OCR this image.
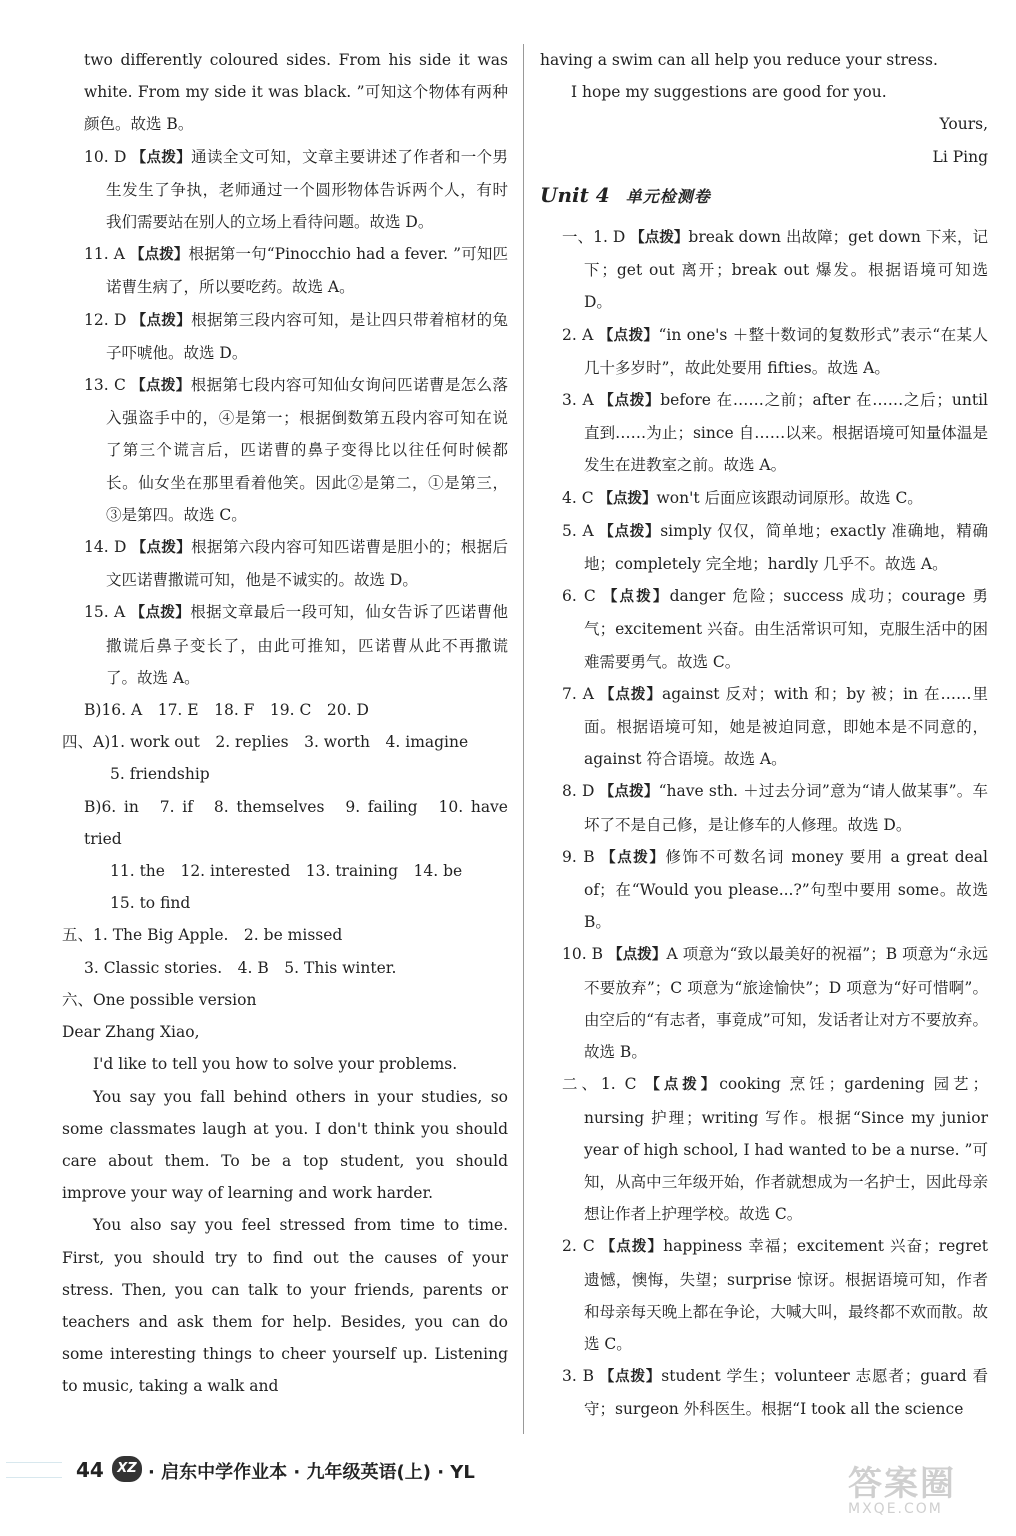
two differently coloured sides. From his side it was white. From my side it was black. ”可知这个物体有两种颜色。故选 B。

10. D 【点拨】通读全文可知，文章主要讲述了作者和一个男生发生了争执，老师通过一个圆形物体告诉两个人，有时我们需要站在别人的立场上看待问题。故选 D。

11. A 【点拨】根据第一句“Pinocchio had a fever. ”可知匹诺曹生病了，所以要吃药。故选 A。

12. D 【点拨】根据第三段内容可知，是让四只带着棺材的兔子吓唬他。故选 D。

13. C 【点拨】根据第七段内容可知仙女询问匹诺曹是怎么落入强盗手中的，④是第一；根据倒数第五段内容可知在说了第三个谎言后，匹诺曹的鼻子变得比以往任何时候都长。仙女坐在那里看着他笑。因此②是第二，①是第三，③是第四。故选 C。

14. D 【点拨】根据第六段内容可知匹诺曹是胆小的；根据后文匹诺曹撒谎可知，他是不诚实的。故选 D。

15. A 【点拨】根据文章最后一段可知，仙女告诉了匹诺曹他撒谎后鼻子变长了，由此可推知，匹诺曹从此不再撒谎了。故选 A。

B)16. A　17. E　18. F　19. C　20. D

四、A)1. work out　2. replies　3. worth　4. imagine

5. friendship

B)6. in　7. if　8. themselves　9. failing　10. have tried

11. the　12. interested　13. training　14. be

15. to find

五、1. The Big Apple.　2. be missed

3. Classic stories.　4. B　5. This winter.

六、One possible version

Dear Zhang Xiao,

I'd like to tell you how to solve your problems.

You say you fall behind others in your studies, so some classmates laugh at you. I don't think you should care about them. To be a top student, you should improve your way of learning and work harder.

You also say you feel stressed from time to time. First, you should try to find out the causes of your stress. Then, you can talk to your friends, parents or teachers and ask them for help. Besides, you can do some interesting things to cheer yourself up. Listening to music, taking a walk and

having a swim can all help you reduce your stress.

I hope my suggestions are good for you.

Yours,

Li Ping

Unit 4 单元检测卷

一、1. D 【点拨】break down 出故障；get down 下来，记下；get out 离开；break out 爆发。根据语境可知选 D。

2. A 【点拨】“in one's ＋整十数词的复数形式”表示“在某人几十多岁时”，故此处要用 fifties。故选 A。

3. A 【点拨】before 在……之前；after 在……之后；until 直到……为止；since 自……以来。根据语境可知量体温是发生在进教室之前。故选 A。

4. C 【点拨】won't 后面应该跟动词原形。故选 C。

5. A 【点拨】simply 仅仅，简单地；exactly 准确地，精确地；completely 完全地；hardly 几乎不。故选 A。

6. C 【点拨】danger 危险；success 成功；courage 勇气；excitement 兴奋。由生活常识可知，克服生活中的困难需要勇气。故选 C。

7. A 【点拨】against 反对；with 和；by 被；in 在……里面。根据语境可知，她是被迫同意，即她本是不同意的，against 符合语境。故选 A。

8. D 【点拨】“have sth. ＋过去分词”意为“请人做某事”。车坏了不是自己修，是让修车的人修理。故选 D。

9. B 【点拨】修饰不可数名词 money 要用 a great deal of；在“Would you please...?”句型中要用 some。故选 B。

10. B 【点拨】A 项意为“致以最美好的祝福”；B 项意为“永远不要放弃”；C 项意为“旅途愉快”；D 项意为“好可惜啊”。由空后的“有志者，事竟成”可知，发话者让对方不要放弃。故选 B。

二、1. C 【点拨】cooking 烹饪；gardening 园艺；nursing 护理；writing 写作。根据“Since my junior year of high school, I had wanted to be a nurse. ”可知，从高中三年级开始，作者就想成为一名护士，因此母亲想让作者上护理学校。故选 C。

2. C 【点拨】happiness 幸福；excitement 兴奋；regret 遗憾，懊悔，失望；surprise 惊讶。根据语境可知，作者和母亲每天晚上都在争论，大喊大叫，最终都不欢而散。故选 C。

3. B 【点拨】student 学生；volunteer 志愿者；guard 看守；surgeon 外科医生。根据“I took all the science

44	XZ · 启东中学作业本 · 九年级英语(上) · YL	答案圈
MXQE.COM
